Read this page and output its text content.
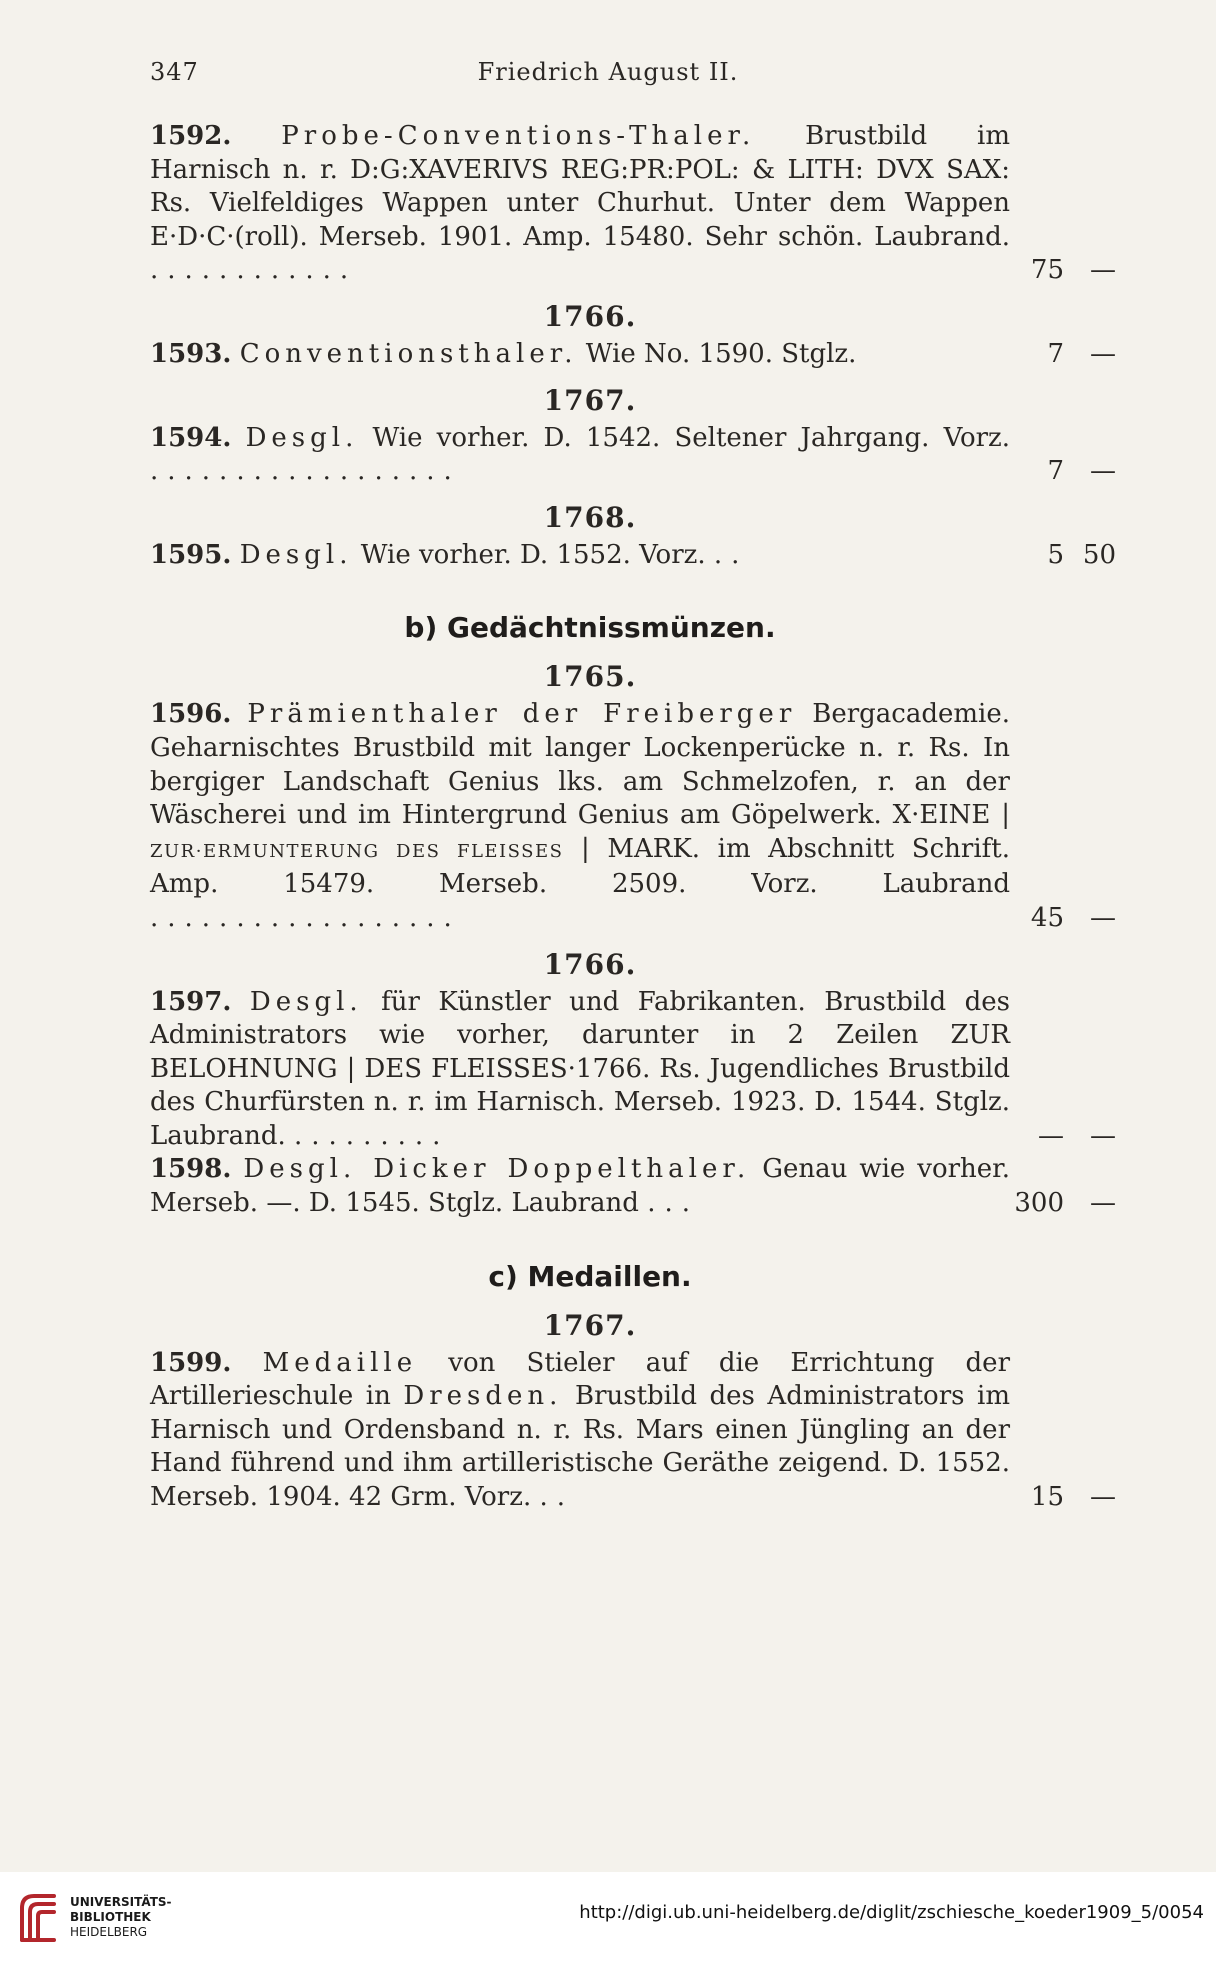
347	Friedrich August II.

1592. Probe-Conventions-Thaler. Brustbild im Harnisch n. r. D:G:XAVERIVS REG:PR:POL: & LITH: DVX SAX: Rs. Vielfeldiges Wappen unter Churhut. Unter dem Wappen E·D·C·(roll). Merseb. 1901. Amp. 15480. Sehr schön. Laubrand. ............	75 —
1766.

1593. Conventionsthaler. Wie No. 1590. Stglz.	7 —
1767.

1594. Desgl. Wie vorher. D. 1542. Seltener Jahrgang. Vorz. ..................	7 —
1768.

1595. Desgl. Wie vorher. D. 1552. Vorz. ..	5 50
b) Gedächtnissmünzen.
1765.

1596. Prämienthaler der Freiberger Bergacademie. Geharnischtes Brustbild mit langer Lockenperücke n. r. Rs. In bergiger Landschaft Genius lks. am Schmelzofen, r. an der Wäscherei und im Hintergrund Genius am Göpelwerk. X·EINE | ZUR·ERMUNTERUNG DES FLEISSES | MARK. im Abschnitt Schrift. Amp. 15479. Merseb. 2509. Vorz. Laubrand ..................	45 —
1766.

1597. Desgl. für Künstler und Fabrikanten. Brustbild des Administrators wie vorher, darunter in 2 Zeilen ZUR BELOHNUNG | DES FLEISSES·1766. Rs. Jugendliches Brustbild des Churfürsten n. r. im Harnisch. Merseb. 1923. D. 1544. Stglz. Laubrand. .........	— —

1598. Desgl. Dicker Doppelthaler. Genau wie vorher. Merseb. —. D. 1545. Stglz. Laubrand ...	300 —
c) Medaillen.
1767.

1599. Medaille von Stieler auf die Errichtung der Artillerieschule in Dresden. Brustbild des Administrators im Harnisch und Ordensband n. r. Rs. Mars einen Jüngling an der Hand führend und ihm artilleristische Geräthe zeigend. D. 1552. Merseb. 1904. 42 Grm. Vorz. ..	15 —
UNIVERSITÄTS-
BIBLIOTHEK
HEIDELBERG
http://digi.ub.uni-heidelberg.de/diglit/zschiesche_koeder1909_5/0054
